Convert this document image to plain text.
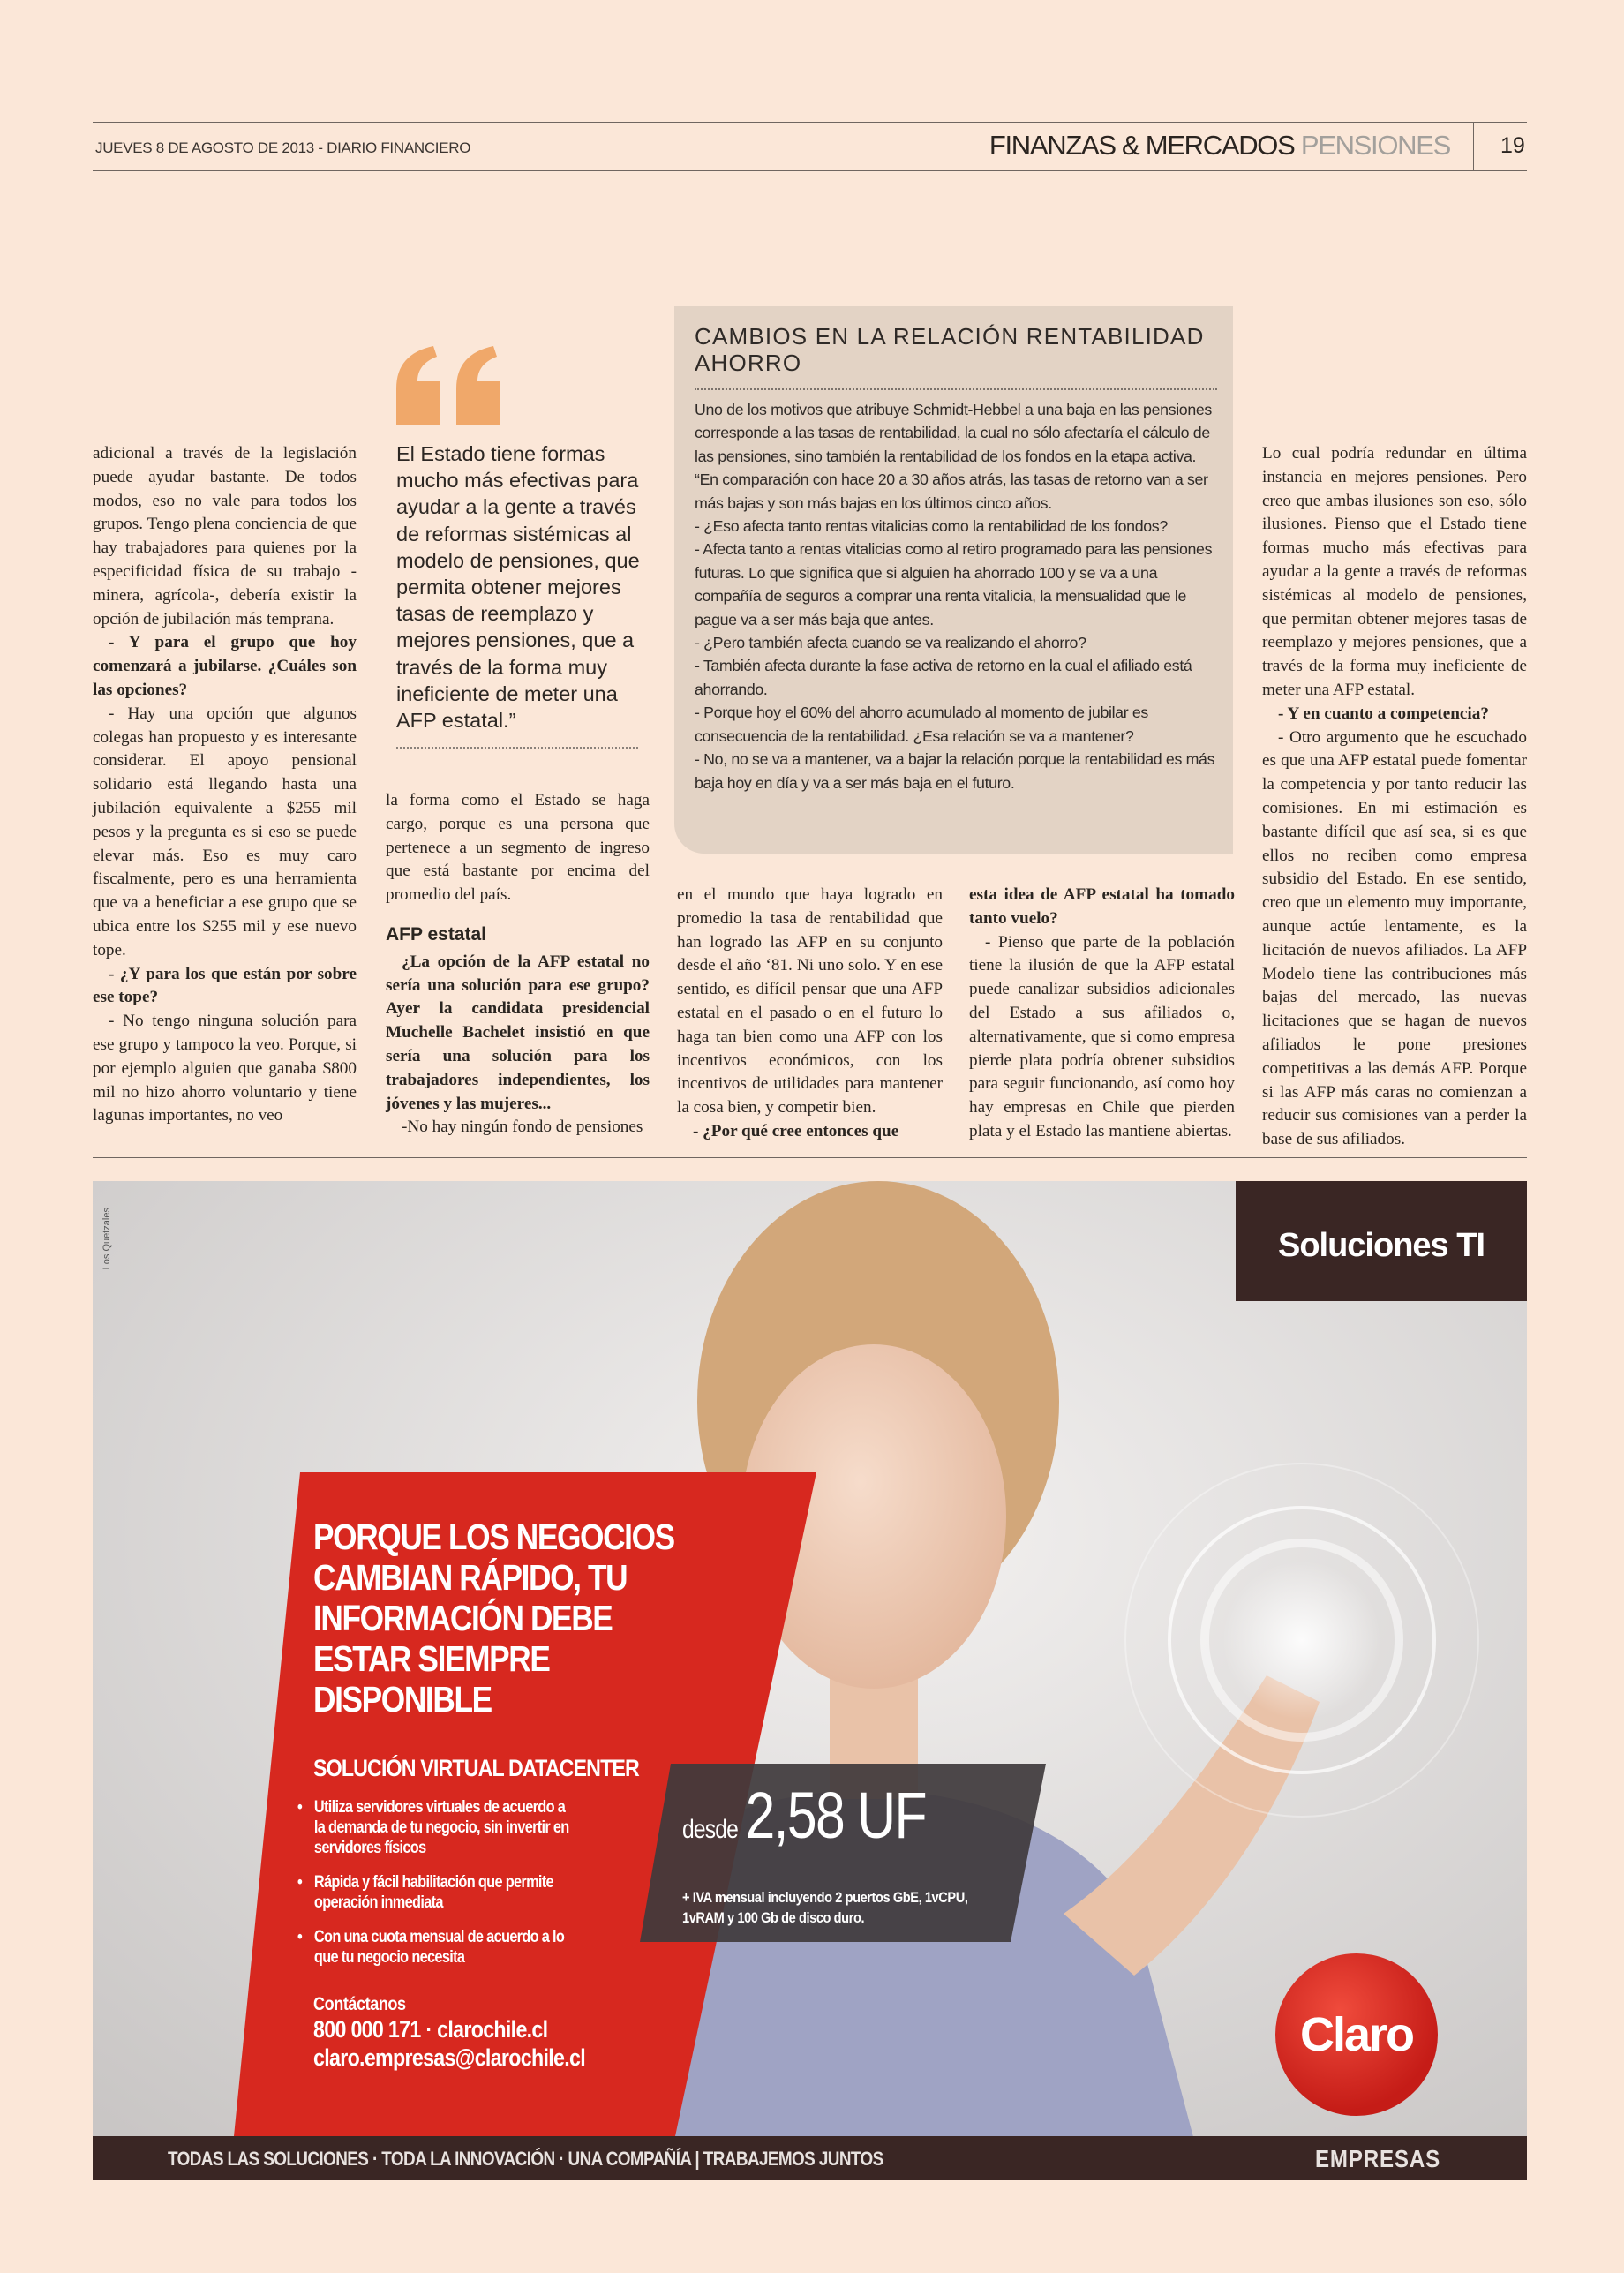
JUEVES 8 DE AGOSTO DE 2013 - DIARIO FINANCIERO	FINANZAS & MERCADOS PENSIONES 19

adicional a través de la legislación puede ayudar bastante. De todos modos, eso no vale para todos los grupos. Tengo plena conciencia de que hay trabajadores para quienes por la especificidad física de su trabajo -minera, agrícola-, debería existir la opción de jubilación más temprana.

- Y para el grupo que hoy comenzará a jubilarse. ¿Cuáles son las opciones?

- Hay una opción que algunos colegas han propuesto y es interesante considerar. El apoyo pensional solidario está llegando hasta una jubilación equivalente a $255 mil pesos y la pregunta es si eso se puede elevar más. Eso es muy caro fiscalmente, pero es una herramienta que va a beneficiar a ese grupo que se ubica entre los $255 mil y ese nuevo tope.

- ¿Y para los que están por sobre ese tope?

- No tengo ninguna solución para ese grupo y tampoco la veo. Porque, si por ejemplo alguien que ganaba $800 mil no hizo ahorro voluntario y tiene lagunas importantes, no veo

El Estado tiene formas mucho más efectivas para ayudar a la gente a través de reformas sistémicas al modelo de pensiones, que permita obtener mejores tasas de reemplazo y mejores pensiones, que a través de la forma muy ineficiente de meter una AFP estatal.”

la forma como el Estado se haga cargo, porque es una persona que pertenece a un segmento de ingreso que está bastante por encima del promedio del país.

AFP estatal

¿La opción de la AFP estatal no sería una solución para ese grupo? Ayer la candidata presidencial Muchelle Bachelet insistió en que sería una solución para los trabajadores independientes, los jóvenes y las mujeres...

-No hay ningún fondo de pensiones

CAMBIOS EN LA RELACIÓN RENTABILIDAD AHORRO

Uno de los motivos que atribuye Schmidt-Hebbel a una baja en las pensiones corresponde a las tasas de rentabilidad, la cual no sólo afectaría el cálculo de las pensiones, sino también la rentabilidad de los fondos en la etapa activa. “En comparación con hace 20 a 30 años atrás, las tasas de retorno van a ser más bajas y son más bajas en los últimos cinco años.

- ¿Eso afecta tanto rentas vitalicias como la rentabilidad de los fondos?

- Afecta tanto a rentas vitalicias como al retiro programado para las pensiones futuras. Lo que significa que si alguien ha ahorrado 100 y se va a una compañía de seguros a comprar una renta vitalicia, la mensualidad que le pague va a ser más baja que antes.

- ¿Pero también afecta cuando se va realizando el ahorro?

- También afecta durante la fase activa de retorno en la cual el afiliado está ahorrando.

- Porque hoy el 60% del ahorro acumulado al momento de jubilar es consecuencia de la rentabilidad. ¿Esa relación se va a mantener?

- No, no se va a mantener, va a bajar la relación porque la rentabilidad es más baja hoy en día y va a ser más baja en el futuro.

en el mundo que haya logrado en promedio la tasa de rentabilidad que han logrado las AFP en su conjunto desde el año ‘81. Ni uno solo. Y en ese sentido, es difícil pensar que una AFP estatal en el pasado o en el futuro lo haga tan bien como una AFP con los incentivos económicos, con los incentivos de utilidades para mantener la cosa bien, y competir bien.

- ¿Por qué cree entonces que

esta idea de AFP estatal ha tomado tanto vuelo?

- Pienso que parte de la población tiene la ilusión de que la AFP estatal puede canalizar subsidios adicionales del Estado a sus afiliados o, alternativamente, que si como empresa pierde plata podría obtener subsidios para seguir funcionando, así como hoy hay empresas en Chile que pierden plata y el Estado las mantiene abiertas.

Lo cual podría redundar en última instancia en mejores pensiones. Pero creo que ambas ilusiones son eso, sólo ilusiones. Pienso que el Estado tiene formas mucho más efectivas para ayudar a la gente a través de reformas sistémicas al modelo de pensiones, que permitan obtener mejores tasas de reemplazo y mejores pensiones, que a través de la forma muy ineficiente de meter una AFP estatal.

- Y en cuanto a competencia?

- Otro argumento que he escuchado es que una AFP estatal puede fomentar la competencia y por tanto reducir las comisiones. En mi estimación es bastante difícil que así sea, si es que ellos no reciben como empresa subsidio del Estado. En ese sentido, creo que un elemento muy importante, aunque actúe lentamente, es la licitación de nuevos afiliados. La AFP Modelo tiene las contribuciones más bajas del mercado, las nuevas licitaciones que se hagan de nuevos afiliados le pone presiones competitivas a las demás AFP. Porque si las AFP más caras no comienzan a reducir sus comisiones van a perder la base de sus afiliados.

Los Quetzales	Soluciones TI
PORQUE LOS NEGOCIOS CAMBIAN RÁPIDO, TU INFORMACIÓN DEBE ESTAR SIEMPRE DISPONIBLE
SOLUCIÓN VIRTUAL DATACENTER
• Utiliza servidores virtuales de acuerdo a la demanda de tu negocio, sin invertir en servidores físicos
• Rápida y fácil habilitación que permite operación inmediata
• Con una cuota mensual de acuerdo a lo que tu negocio necesita
Contáctanos
800 000 171 · clarochile.cl
claro.empresas@clarochile.cl
desde 2,58 UF
+ IVA mensual incluyendo 2 puertos GbE, 1vCPU, 1vRAM y 100 Gb de disco duro.
Claro
TODAS LAS SOLUCIONES · TODA LA INNOVACIÓN · UNA COMPAÑÍA | TRABAJEMOS JUNTOS	EMPRESAS
